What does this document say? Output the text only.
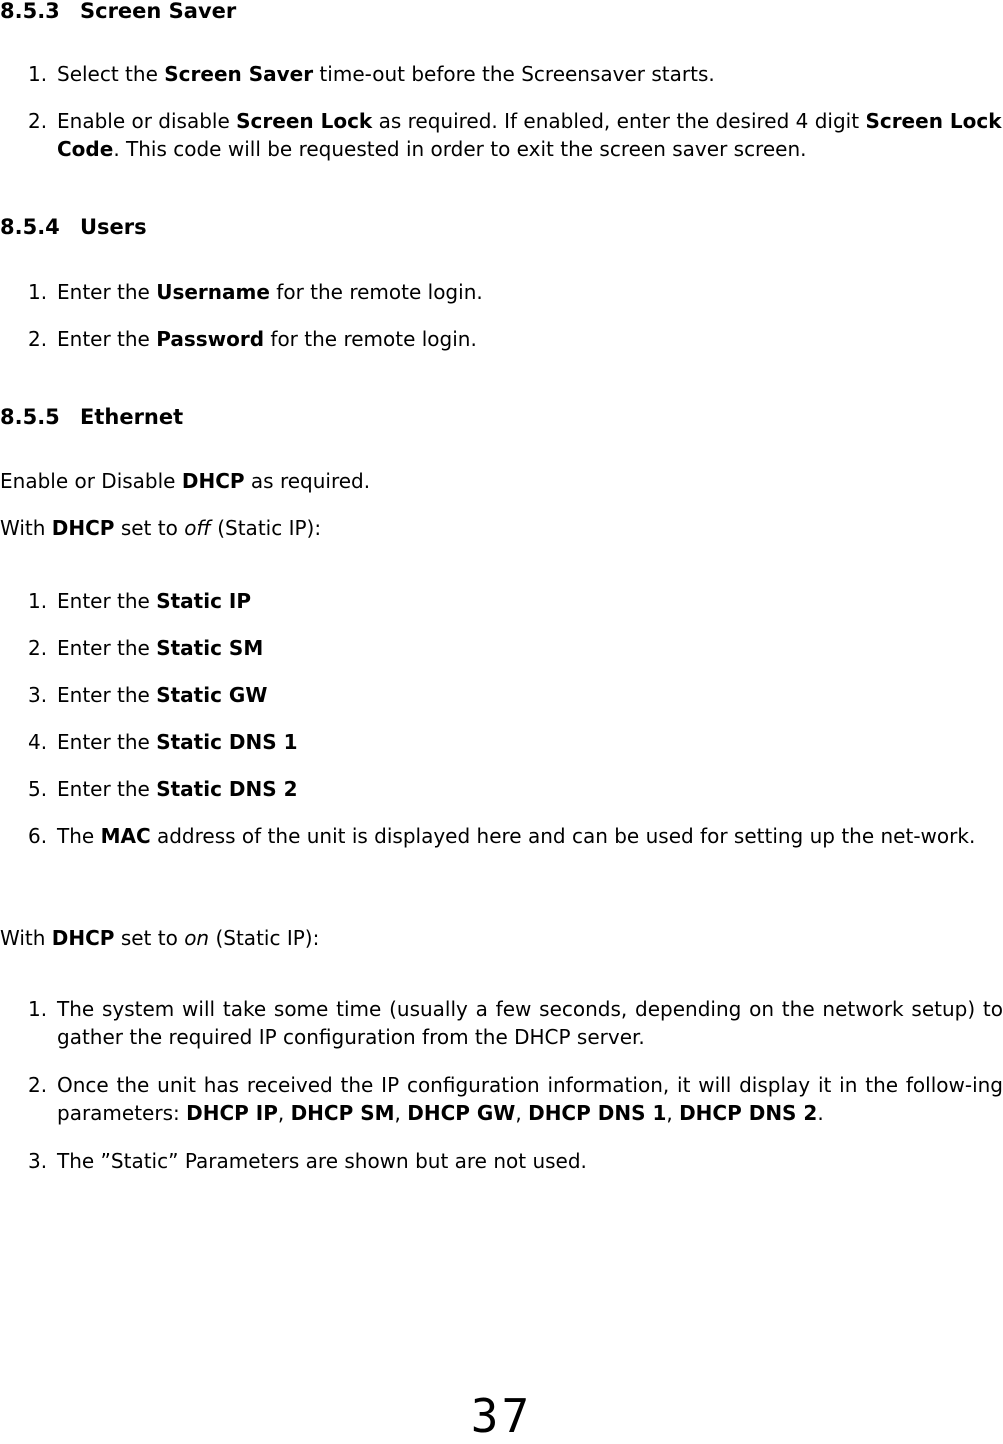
8.5.3 Screen Saver
1. Select the Screen Saver time-out before the Screensaver starts.
2. Enable or disable Screen Lock as required. If enabled, enter the desired 4 digit Screen Lock Code. This code will be requested in order to exit the screen saver screen.
8.5.4 Users
1. Enter the Username for the remote login.
2. Enter the Password for the remote login.
8.5.5 Ethernet
Enable or Disable DHCP as required.
With DHCP set to off (Static IP):
1. Enter the Static IP
2. Enter the Static SM
3. Enter the Static GW
4. Enter the Static DNS 1
5. Enter the Static DNS 2
6. The MAC address of the unit is displayed here and can be used for setting up the net-work.
With DHCP set to on (Static IP):
1. The system will take some time (usually a few seconds, depending on the network setup) to gather the required IP configuration from the DHCP server.
2. Once the unit has received the IP configuration information, it will display it in the follow-ing parameters: DHCP IP, DHCP SM, DHCP GW, DHCP DNS 1, DHCP DNS 2.
3. The ”Static” Parameters are shown but are not used.
37
